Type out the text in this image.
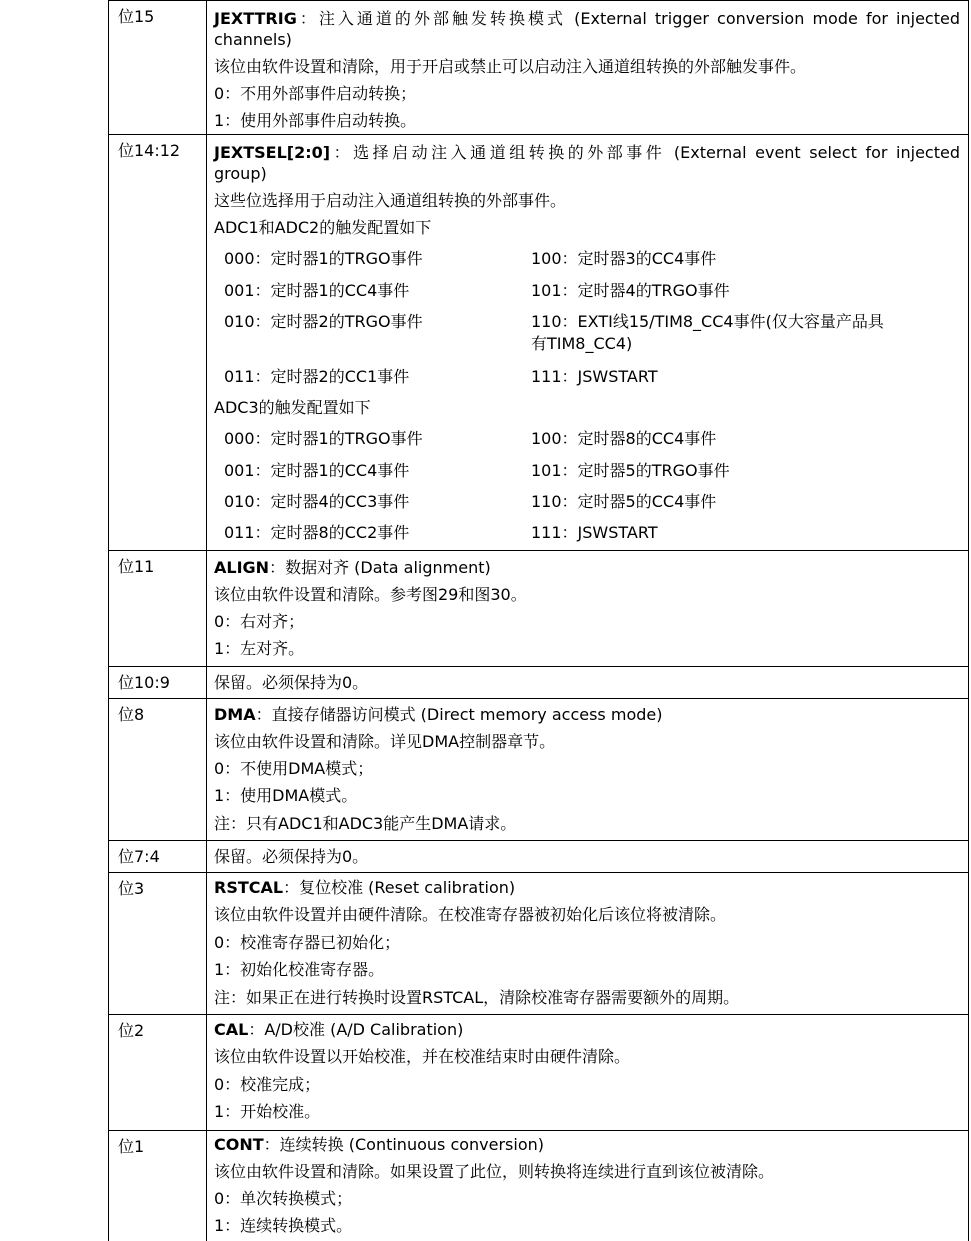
位15	JEXTTRIG：注入通道的外部触发转换模式 (External trigger conversion mode for injected
channels)
该位由软件设置和清除，用于开启或禁止可以启动注入通道组转换的外部触发事件。
0：不用外部事件启动转换；
1：使用外部事件启动转换。
位14:12 JEXTSEL[2:0]：选择启动注入通道组转换的外部事件 (External event select for injected
group)
这些位选择用于启动注入通道组转换的外部事件。
ADC1和ADC2的触发配置如下
000：定时器1的TRGO事件	100：定时器3的CC4事件
001：定时器1的CC4事件	101：定时器4的TRGO事件
010：定时器2的TRGO事件	110：EXTI线15/TIM8_CC4事件(仅大容量产品具
有TIM8_CC4)
011：定时器2的CC1事件	111：JSWSTART
ADC3的触发配置如下
000：定时器1的TRGO事件	100：定时器8的CC4事件
001：定时器1的CC4事件	101：定时器5的TRGO事件
010：定时器4的CC3事件	110：定时器5的CC4事件
011：定时器8的CC2事件	111：JSWSTART
位11	ALIGN：数据对齐 (Data alignment)
该位由软件设置和清除。参考图29和图30。
0：右对齐；
1：左对齐。
位10:9	保留。必须保持为0。
位8	DMA：直接存储器访问模式 (Direct memory access mode)
该位由软件设置和清除。详见DMA控制器章节。
0：不使用DMA模式；
1：使用DMA模式。
注：只有ADC1和ADC3能产生DMA请求。
位7:4	保留。必须保持为0。
位3	RSTCAL：复位校准 (Reset calibration)
该位由软件设置并由硬件清除。在校准寄存器被初始化后该位将被清除。
0：校准寄存器已初始化；
1：初始化校准寄存器。
注：如果正在进行转换时设置RSTCAL，清除校准寄存器需要额外的周期。
位2	CAL：A/D校准 (A/D Calibration)
该位由软件设置以开始校准，并在校准结束时由硬件清除。
0：校准完成；
1：开始校准。
位1	CONT：连续转换 (Continuous conversion)
该位由软件设置和清除。如果设置了此位，则转换将连续进行直到该位被清除。
0：单次转换模式；
1：连续转换模式。
